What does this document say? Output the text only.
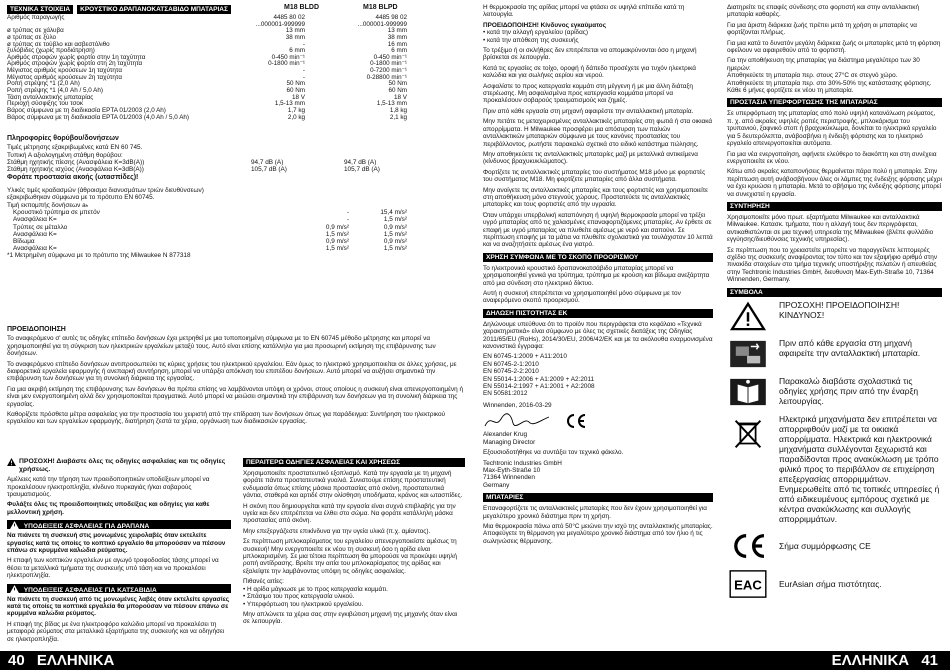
ΤΕΧΝΙΚΑ ΣΤΟΙΧΕΙΑ	ΚΡΟΥΣΤΙΚΟ ΔΡΑΠΑΝΟΚΑΤΣΑΒΙΔΟ ΜΠΑΤΑΡΙΑΣ	M18 BLDD	M18 BLPD
Αριθμός παραγωγής	4485 80 02	4485 98 02
...000001-999999	...000001-999999
ø τρύπας σε χάλυβα	13 mm	13 mm
ø τρύπας σε ξύλο	38 mm	38 mm
ø τρύπας σε τούβλο και ασβεστόλιθο	-	16 mm
ξυλόβιδες (χωρίς προδιάτρηση)	6 mm	6 mm
Αριθμός στροφών χωρίς φορτίο στην 1η ταχύτητα	0-450 min⁻¹	0-450 min⁻¹
Αριθμός στροφών χωρίς φορτίο στη 2η ταχύτητα	0-1800 min⁻¹	0-1800 min⁻¹
Μέγιστος αριθμός κρούσεων 1η ταχύτητα	-	0-7200 min⁻¹
Μέγιστος αριθμός κρούσεων 2η ταχύτητα	-	0-28800 min⁻¹
Ροπή στρέψης *1 (2,0 Ah)	50 Nm	50 Nm
Ροπή στρέψης *1 (4,0 Ah / 5,0 Ah)	60 Nm	60 Nm
Τάση ανταλλακτικής μπαταρίας	18 V	18 V
Περιοχή σύσφιξης του τσοκ	1,5-13 mm	1,5-13 mm
Βάρος σύμφωνα με τη διαδικασία EPTA 01/2003 (2,0 Ah)	1,7 kg	1,8 kg
Βάρος σύμφωνα με τη διαδικασία EPTA 01/2003 (4,0 Ah / 5,0 Ah)	2,0 kg	2,1 kg
Πληροφορίες θορύβου/δονήσεων
Τιμές μέτρησης εξακριβωμένες κατά EN 60 745.
Τυπική Α αξιολογημένη στάθμη θορύβου:
Στάθμη ηχητικής πίεσης (Ανασφάλεια K=3dB(A))	94,7 dB (A)	94,7 dB (A)
Στάθμη ηχητικής ισχύος (Ανασφάλεια K=3dB(A))	105,7 dB (A)	105,7 dB (A)
Φοράτε προστασία ακοής (ωτασπίδες)!
Υλικές τιμές κραδασμών (άθροισμα διανυσμάτων τριών διευθύνσεων) εξακριβωθηκαν σύμφωνα με το πρότυπο EN 60745.
Τιμή εκπομπής δονήσεων aₕ
Κρουστικό τρύπημα σε μπετόν	-	15,4 m/s²
Ανασφάλεια K=	-	1,5 m/s²
Τρύπες σε μέταλλο	0,9 m/s²	0,9 m/s²
Ανασφάλεια K=	1,5 m/s²	1,5 m/s²
Βίδωμα	0,9 m/s²	0,9 m/s²
Ανασφάλεια K=	1,5 m/s²	1,5 m/s²
*1 Μετρημένη σύμφωνα με το πρότυπο της Milwaukee N 877318
ΠΡΟΕΙΔΟΠΟΙΗΣΗ

Το αναφερόμενο σ' αυτές τις οδηγίες επίπεδο δονήσεων έχει μετρηθεί με μια τυποποιημένη σύμφωνα με το EN 60745 μέθοδο μέτρησης και μπορεί να χρησιμοποιηθεί για τη σύγκριση των ηλεκτρικών εργαλείων μεταξύ τους. Αυτό είναι επίσης κατάλληλο για μια προσωρινή εκτίμηση της επιβάρυνσης των δονήσεων.

Το αναφερόμενο επίπεδο δονήσεων αντιπροσωπεύει τις κύριες χρήσεις του ηλεκτρικού εργαλείου. Εάν όμως το ηλεκτρικό χρησιμοποιείται σε άλλες χρήσεις, με διαφορετικά εργαλεία εφαρμογής ή ανεπαρκή συντήρηση, μπορεί να υπάρξει απόκλιση του επιπέδου δονήσεων. Αυτό μπορεί να αυξήσει σημαντικά την επιβάρυνση των δονήσεων για τη συνολική διάρκεια της εργασίας.

Για μια ακριβή εκτίμηση της επιβάρυνσης των δονήσεων θα πρέπει επίσης να λαμβάνονται υπόψη οι χρόνοι, στους οποίους η συσκευή είναι απενεργοποιημένη ή είναι μεν ενεργοποιημένη αλλά δεν χρησιμοποιείται πραγματικά. Αυτό μπορεί να μειώσει σημαντικά την επιβάρυνση των δονήσεων για τη συνολική διάρκεια της εργασίας.

Καθορίζετε πρόσθετα μέτρα ασφαλείας για την προστασία του χειριστή από την επίδραση των δονήσεων όπως για παράδειγμα: Συντήρηση του ηλεκτρικού εργαλείου και των εργαλείων εφαρμογής, διατήρηση ζεστά τα χέρια, οργάνωση των διαδικασιών εργασίας.

ΠΡΟΣΟΧΗ! Διαβάστε όλες τις οδηγίες ασφαλείας και τις οδηγίες χρήσεως.

Αμέλειες κατά την τήρηση των προειδοποιητικών υποδείξεων μπορεί να προκαλέσουν ηλεκτροπληξία, κίνδυνο πυρκαγιάς ή/και σοβαρούς τραυματισμούς.

Φυλάξτε όλες τις προειδοποιητικές υποδείξεις και οδηγίες για καθε μελλοντική χρήση.

ΥΠΟΔΕΙΞΕΙΣ ΑΣΦΑΛΕΙΑΣ ΓΙΑ ΔΡΑΠΑΝΑ

Να πιάνετε τη συσκευή στις μονωμένες χειρολαβές όταν εκτελείτε εργασίες κατά τις οποίες το κοπτικό εργαλείο θα μπορούσαν να πέσουν επάνω σε κρυμμένα καλώδια ρεύματος.

Η επαφή των κοπτικών εργαλείων με αγωγό τροφοδοσίας τάσης μπορεί να θέσει τα μεταλλικά τμήματα της συσκευής υπό τάση και να προκαλέσει ηλεκτροπληξία.

ΥΠΟΔΕΙΞΕΙΣ ΑΣΦΑΛΕΙΑΣ ΓΙΑ ΚΑΤΣΑΒΙΔΙΑ

Να πιάνετε τη συσκευή από τις μονωμένες λαβές όταν εκτελείτε εργασίες κατά τις οποίες τα κοπτικά εργαλεία θα μπορούσαν να πέσουν επάνω σε κρυμμένα καλώδια ρεύματος.

Η επαφή της βίδας με ένα ηλεκτροφόρο καλώδιο μπορεί να προκαλέσει τη μεταφορά ρεύματος στα μεταλλικά εξαρτήματα της συσκευής και να οδηγήσει σε ηλεκτροπληξία.

ΠΕΡΑΙΤΕΡΩ ΟΔΗΓΙΕΣ ΑΣΦΑΛΕΙΑΣ ΚΑΙ ΧΡΗΣΕΩΣ

Χρησιμοποιείτε προστατευτικό εξοπλισμό. Κατά την εργασία με τη μηχανή φοράτε πάντα προστατευτικά γυαλιά. Συνιστούμε επίσης προστατευτική ενδυμασία όπως επίσης μάσκα προστασίας από σκόνη, προστατευτικά γάντια, σταθερά και αρτιδέ στην ολίσθηση υποδήματα, κράνος και ωτασπίδες.

Η σκόνη που δημιουργείται κατά την εργασία είναι συχνά επιβλαβής για την υγεία και δεν επιτρέπεται να έλθει στο σώμα. Να φοράτε κατάλληλη μάσκα προστασίας από σκόνη.

Μην επεξεργάζεστε επικίνδυνα για την υγεία υλικά (π.χ. αμίαντος).

Σε περίπτωση μπλοκαρίσματος του εργαλείου απενεργοποιείστε αμέσως τη συσκευή! Μην ενεργοποιείτε εκ νέου τη συσκευή όσο η αρίδα είναι μπλοκαρισμένη. Σε μια τέτοια περίπτωση θα μπορούσε να προκύψει υψηλή ροπή αντίδρασης. Βρείτε την αιτία του μπλοκαρίσματος της αρίδας και εξαλείψτε την λαμβάνοντας υπόψη τις οδηγίες ασφαλείας.

Πιθανές αιτίες:
• Η αρίδα μάγκωσε με το προς κατεργασία κομμάτι.
• Σπάσιμο του προς κατεργασία υλικού.
• Υπερφόρτωση του ηλεκτρικού εργαλείου.

Μην απλώνετε τα χέρια σας στην εγκιβώτιση μηχανή της μηχανής όταν είναι σε λειτουργία.

Η θερμοκρασία της αρίδας μπορεί να φτάσει σε υψηλά επίπεδα κατά τη λειτουργία.

ΠΡΟΕΙΔΟΠΟΙΗΣΗ! Κίνδυνος εγκαύματος
• κατά την αλλαγή εργαλείου (αρίδας)
• κατά την απόθεση της συσκευής

Το τρέξιμο ή οι σκλήθρες δεν επιτρέπεται να απομακρύνονται όσο η μηχανή βρίσκεται σε λειτουργία.

Κατά τις εργασίες σε τοίχο, οροφή ή δάπεδο προσέχετε για τυχόν ηλεκτρικά καλώδια και για σωλήνες αερίου και νερού.

Ασφαλίστε το προς κατεργασία κομμάτι στη μέγγενη ή με μια άλλη διάταξη στερέωσης. Μη ασφαλισμένα προς κατεργασία κομμάτια μπορεί να προκαλέσουν σοβαρούς τραυματισμούς και ζημιές.

Πριν από κάθε εργασία στη μηχανή αφαιρέστε την ανταλλακτική μπαταρία.

Μην πετάτε τις μεταχειρισμένες ανταλλακτικές μπαταρίες στη φωτιά ή στα οικιακά απορρίμματα. Η Milwaukee προσφέρει μια απόσυρση των παλιών ανταλλακτικών μπαταριών σύμφωνα με τους κανόνες προστασίας του περιβάλλοντος, ρωτήστε παρακαλώ σχετικά στο ειδικό κατάστημα πώλησης.

Μην αποθηκεύετε τις ανταλλακτικές μπαταρίες μαζί με μεταλλικά αντικείμενα (κίνδυνος βραχυκυκλώματος).

Φορτίζετε τις ανταλλακτικές μπαταρίες του συστήματος M18 μόνο με φορτιστές του συστήματος M18. Μη φορτίζετε μπαταρίες από άλλα συστήματα.

Μην ανοίγετε τις ανταλλακτικές μπαταρίες και τους φορτιστές και χρησιμοποιείτε στη αποθήκευση μόνο στεγνούς χώρους. Προστατεύετε τις ανταλλακτικές μπαταρίες και τους φορτιστές από την υγρασία.

Όταν υπάρχει υπερβολική καταπόνηση ή υψηλή θερμοκρασία μπορεί να τρέξει υγρό μπαταρίας από τις χαλασμένες επαναφορτιζόμενες μπαταρίες. Αν έρθετε σε επαφή με υγρό μπαταρίας να πλυθείτε αμέσως με νερό και σαπούνι. Σε περίπτωση επαφής με τα μάτια να πλυθείτε σχολαστικά για τουλάχιστον 10 λεπτά και να αναζητήσετε αμέσως ένα γιατρό.

ΧΡΗΣΗ ΣΥΜΦΩΝΑ ΜΕ ΤΟ ΣΚΟΠΟ ΠΡΟΟΡΙΣΜΟΥ

Το ηλεκτρονικό κρουστικό δραπανοκατσάβιδο μπαταρίας μπορεί να χρησιμοποιηθεί γενικά για τρύπημα, τρύπημα με κρούση και βίδωμα ανεξάρτητα από μια σύνδεση στο ηλεκτρικό δίκτυο.

Αυτή η συσκευή επιτρέπεται να χρησιμοποιηθεί μόνο σύμφωνα με τον αναφερόμενο σκοπό προορισμού.

ΔΗΛΩΣΗ ΠΙΣΤΟΤΗΤΑΣ ΕΚ

Δηλώνουμε υπεύθυνα ότι το προϊόν που περιγράφεται στο κεφάλαιο «Τεχνικά χαρακτηριστικά» είναι σύμφωνο με όλες τις σχετικές διατάξεις της Οδηγίας 2011/65/EU (RoHs), 2014/30/EU, 2006/42/EK και με τα ακόλουθα εναρμονισμένα κανονιστικά έγγραφα:

EN 60745-1:2009 + A11:2010
EN 60745-2-1:2010
EN 60745-2-2:2010
EN 55014-1:2006 + A1:2009 + A2:2011
EN 55014-2:1997 + A1:2001 + A2:2008
EN 50581:2012
Winnenden, 2016-03-29
Alexander Krug
Managing Director
Εξουσιοδοτήθηκε να συντάξει τον τεχνικό φάκελο.
Techtronic Industries GmbH
Max-Eyth-Straße 10
71364 Winnenden
Germany
ΜΠΑΤΑΡΙΕΣ

Επαναφορτίζετε τις ανταλλακτικές μπαταρίες που δεν έχουν χρησιμοποιηθεί για μεγαλύτερο χρονικό διάστημα πριν τη χρήση.

Μια θερμοκρασία πάνω από 50°C μειώνει την ισχύ της ανταλλακτικής μπαταρίας. Αποφεύγετε τη θέρμανση για μεγαλύτερο χρονικό διάστημα από τον ήλιο ή τις σωληνώσεις θέρμανσης.

Διατηρείτε τις επαφές σύνδεσης στο φορτιστή και στην ανταλλακτική μπαταρία καθαρές.

Για μια άριστη διάρκεια ζωής πρέπει μετά τη χρήση οι μπαταρίες να φορτίζονται πλήρως.

Για μια κατά το δυνατόν μεγάλη διάρκεια ζωής οι μπαταρίες μετά τη φόρτιση οφείλουν να αφαιρεθούν από το φορτιστή.

Για την αποθήκευση της μπαταρίας για διάστημα μεγαλύτερο των 30 ημερών:
Αποθηκεύετε τη μπαταρία περ. στους 27°C σε στεγνό χώρο.
Αποθηκεύετε τη μπαταρία περ. στο 30%-50% της κατάστασης φόρτισης.

Κάθε 6 μήνες φορτίζετε εκ νέου τη μπαταρία.

ΠΡΟΣΤΑΣΙΑ ΥΠΕΡΦΟΡΤΩΣΗΣ ΤΗΣ ΜΠΑΤΑΡΙΑΣ

Σε υπερφόρτωση της μπαταρίας από πολύ υψηλή κατανάλωση ρεύματος, π. χ. από ακραίες υψηλές ροπές περιστροφής, μπλοκάρισμα του τρυπανιού, ξαφνικό στοπ ή βραχυκύκλωμα, δονείται το ηλεκτρικό εργαλείο για 5 δευτερόλεπτα, ανάβοσβήνει η ένδειξη φόρτισης και το ηλεκτρικό εργαλείο απενεργοποιείται αυτόματα.

Για μια νέα ενεργοποίηση, αφήνετε ελεύθερο το διακόπτη και στη συνέχεια ενεργοποιείτε εκ νέου.

Κάτω από ακραίες καταπονήσεις θερμαίνεται πάρα πολύ η μπαταρία. Στην περίπτωση αυτή ανάβοσβήνουν όλες οι λάμπες της ένδειξης φόρτισης μέχρι να έχει κρυώσει η μπαταρία. Μετά το σβήσιμο της ένδειξης φόρτισης μπορεί να συνεχιστεί η εργασία.

ΣΥΝΤΗΡΗΣΗ

Χρησιμοποιείτε μόνο πρωτ. εξαρτήματα Milwaukee και ανταλλακτικά Milwaukee. Κατασκ. τμήματα, που η αλλαγή τους δεν περιγράφεται, αντικαθιστώνται σε μια τεχνική υπηρεσία της Milwaukee (βλέπε φυλλάδιο εγγύησης/διευθύνσεις τεχνικής υπηρεσίας).

Σε περίπτωση που το χρειαστείτε μπορείτε να παραγγείλετε λεπτομερές σχέδιο της συσκευής αναφέροντας τον τύπο και τον εξαψήφιο αριθμό στην πινακίδα στοιχείων στο τμήμα τεχνικής υποστήριξης πελατών ή απευθείας στην Techtronic Industries GmbH, διευθυνση Max-Eyth-Straße 10, 71364 Winnenden, Germany.

ΣΥΜΒΟΛΑ
ΠΡΟΣΟΧΗ! ΠΡΟΕΙΔΟΠΟΙΗΣΗ! ΚΙΝΔΥΝΟΣ!
Πριν από κάθε εργασία στη μηχανή αφαιρείτε την ανταλλακτική μπαταρία.
Παρακαλώ διαβάστε σχολαστικά τις οδηγίες χρήσης πριν από την έναρξη λειτουργίας.
Ηλεκτρικά μηχανήματα δεν επιτρέπεται να απορριφθούν μαζί με τα οικιακά απορρίμματα. Ηλεκτρικά και ηλεκτρονικά μηχανήματα συλλέγονται ξεχωριστά και παραδίδονται προς ανακύκλωση με τρόπο φιλικό προς το περιβάλλον σε επιχείρηση επεξεργασίας απορριμμάτων. Ενημερωθείτε από τις τοπικές υπηρεσίες ή από ειδικευμένους εμπόρους σχετικά με κέντρα ανακύκλωσης και συλλογής απορριμμάτων.
Σήμα συμμόρφωσης CE
EAC EurAsian σήμα πιστότητας.
40 ΕΛΛΗΝΙΚΑ	ΕΛΛΗΝΙΚΑ 41
